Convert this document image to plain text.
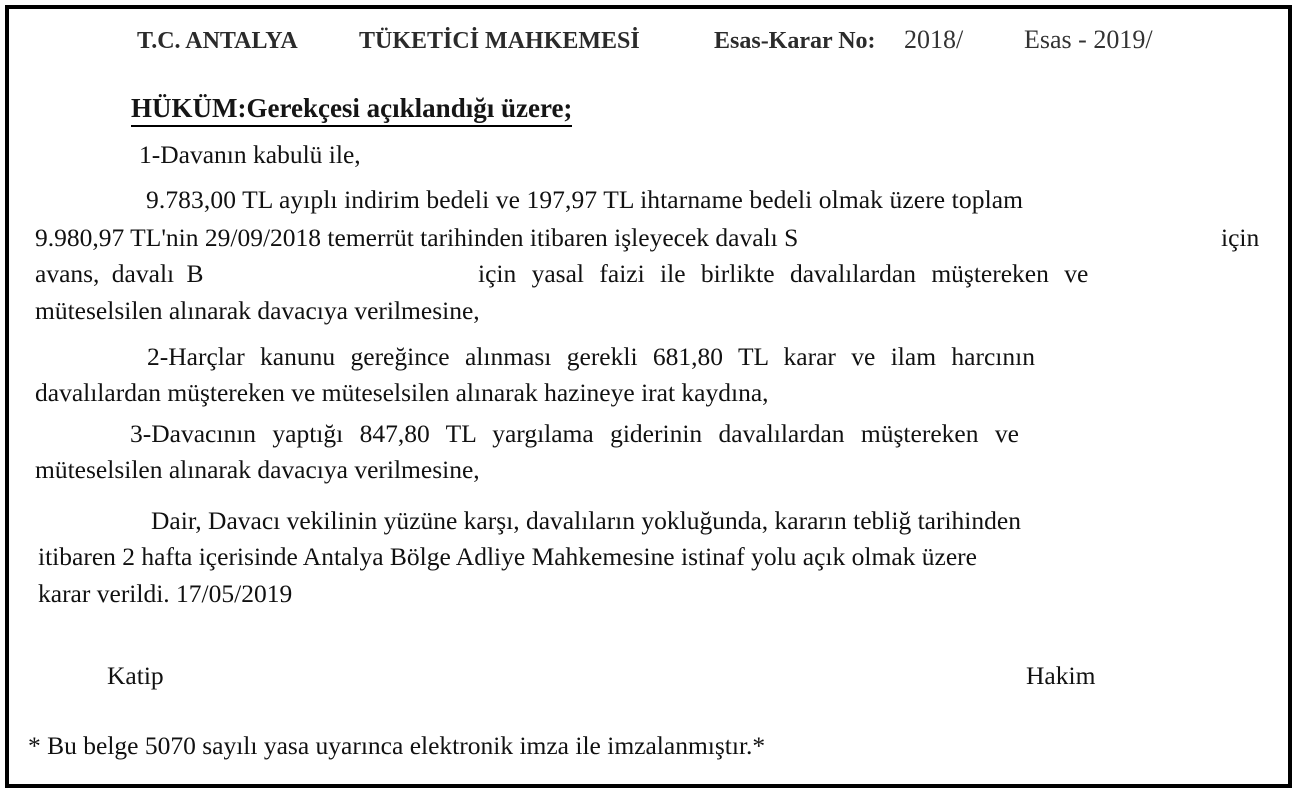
T.C. ANTALYA	TÜKETİCİ MAHKEMESİ	Esas-Karar No: 2018/ Esas - 2019/
HÜKÜM:Gerekçesi açıklandığı üzere;
1-Davanın kabulü ile,
9.783,00 TL ayıplı indirim bedeli ve 197,97 TL ihtarname bedeli olmak üzere toplam
9.980,97 TL'nin 29/09/2018 temerrüt tarihinden itibaren işleyecek davalı S	için
avans, davalı B	için yasal faizi ile birlikte davalılardan müştereken ve
müteselsilen alınarak davacıya verilmesine,
2-Harçlar kanunu gereğince alınması gerekli 681,80 TL karar ve ilam harcının
davalılardan müştereken ve müteselsilen alınarak hazineye irat kaydına,
3-Davacının yaptığı 847,80 TL yargılama giderinin davalılardan müştereken ve
müteselsilen alınarak davacıya verilmesine,
Dair, Davacı vekilinin yüzüne karşı, davalıların yokluğunda, kararın tebliğ tarihinden
itibaren 2 hafta içerisinde Antalya Bölge Adliye Mahkemesine istinaf yolu açık olmak üzere
karar verildi. 17/05/2019
Katip	Hakim
* Bu belge 5070 sayılı yasa uyarınca elektronik imza ile imzalanmıştır.*
